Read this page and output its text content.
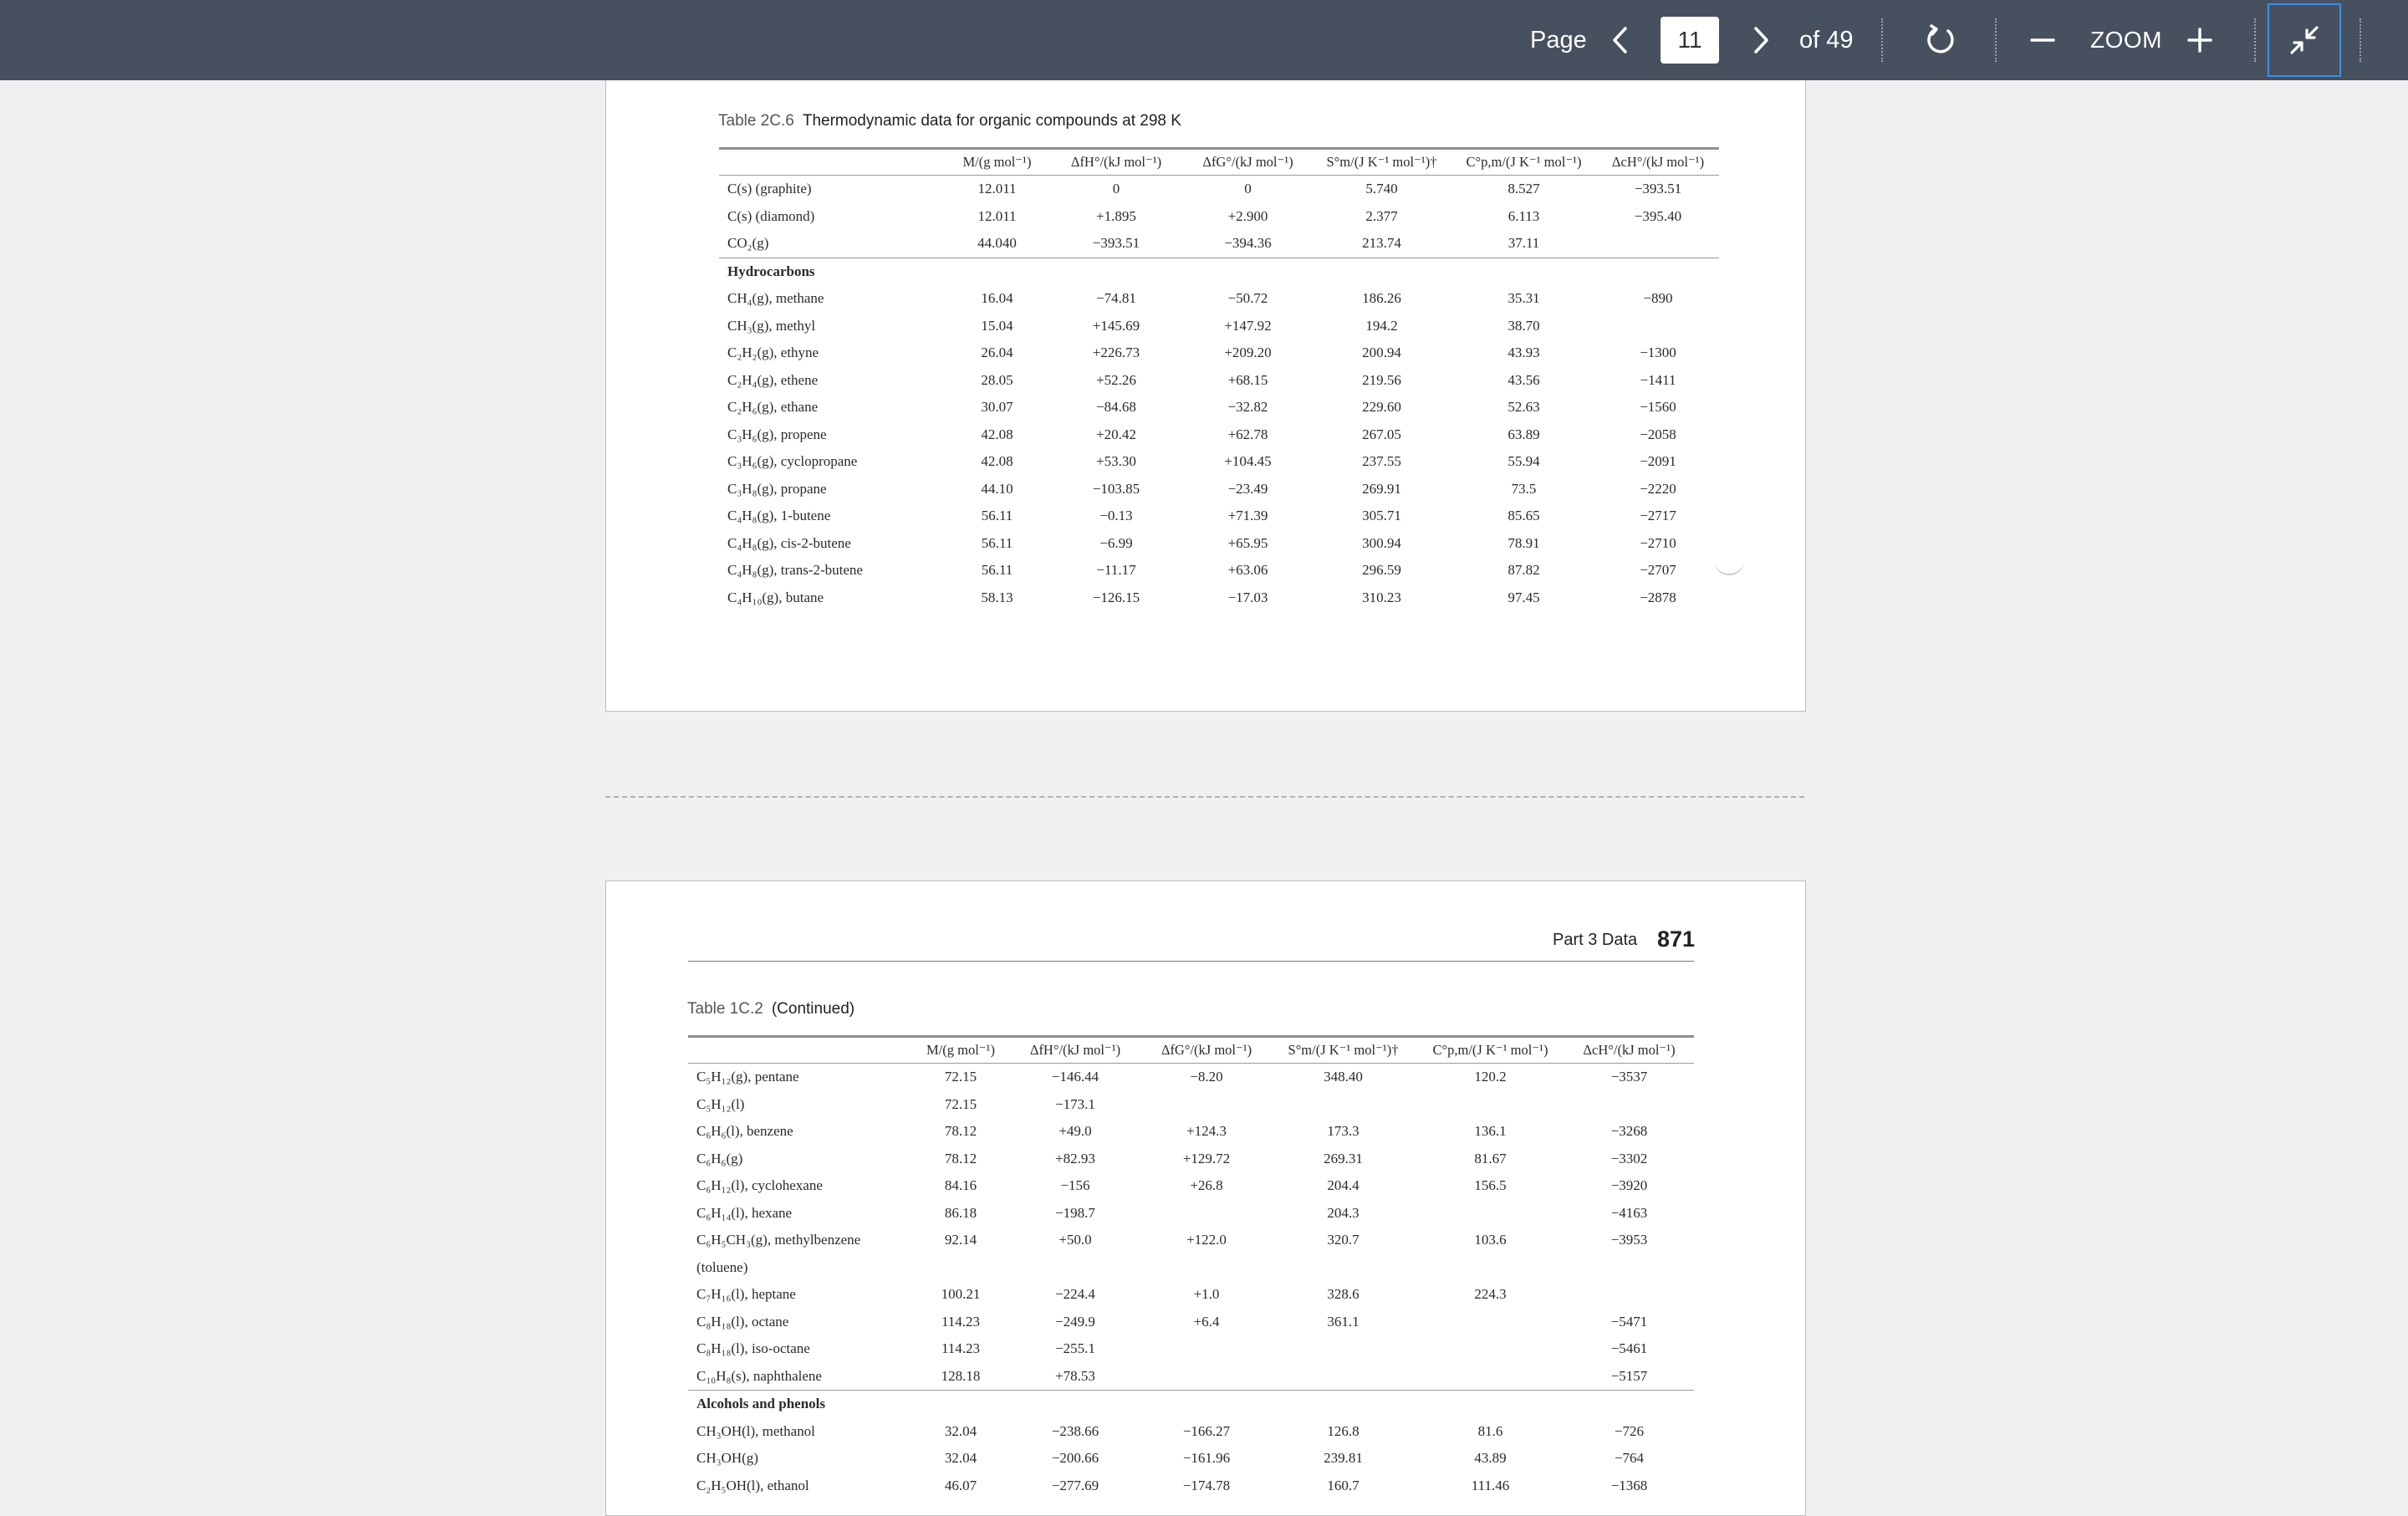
Page
11	of 49	ZOOM
Table 2C.6 Thermodynamic data for organic compounds at 298 K
	M/(g mol⁻¹)	ΔfH°/(kJ mol⁻¹)	ΔfG°/(kJ mol⁻¹)	S°m/(J K⁻¹ mol⁻¹)†	C°p,m/(J K⁻¹ mol⁻¹)	ΔcH°/(kJ mol⁻¹)
C(s) (graphite)	12.011	0	0	5.740	8.527	−393.51
C(s) (diamond)	12.011	+1.895	+2.900	2.377	6.113	−395.40
CO₂(g)	44.040	−393.51	−394.36	213.74	37.11	
Hydrocarbons						
CH₄(g), methane	16.04	−74.81	−50.72	186.26	35.31	−890
CH₃(g), methyl	15.04	+145.69	+147.92	194.2	38.70	
C₂H₂(g), ethyne	26.04	+226.73	+209.20	200.94	43.93	−1300
C₂H₄(g), ethene	28.05	+52.26	+68.15	219.56	43.56	−1411
C₂H₆(g), ethane	30.07	−84.68	−32.82	229.60	52.63	−1560
C₃H₆(g), propene	42.08	+20.42	+62.78	267.05	63.89	−2058
C₃H₆(g), cyclopropane	42.08	+53.30	+104.45	237.55	55.94	−2091
C₃H₈(g), propane	44.10	−103.85	−23.49	269.91	73.5	−2220
C₄H₈(g), 1-butene	56.11	−0.13	+71.39	305.71	85.65	−2717
C₄H₈(g), cis-2-butene	56.11	−6.99	+65.95	300.94	78.91	−2710
C₄H₈(g), trans-2-butene	56.11	−11.17	+63.06	296.59	87.82	−2707
C₄H₁₀(g), butane	58.13	−126.15	−17.03	310.23	97.45	−2878
Part 3 Data 871
Table 1C.2 (Continued)
	M/(g mol⁻¹)	ΔfH°/(kJ mol⁻¹)	ΔfG°/(kJ mol⁻¹)	S°m/(J K⁻¹ mol⁻¹)†	C°p,m/(J K⁻¹ mol⁻¹)	ΔcH°/(kJ mol⁻¹)
C₅H₁₂(g), pentane	72.15	−146.44	−8.20	348.40	120.2	−3537
C₅H₁₂(l)	72.15	−173.1				
C₆H₆(l), benzene	78.12	+49.0	+124.3	173.3	136.1	−3268
C₆H₆(g)	78.12	+82.93	+129.72	269.31	81.67	−3302
C₆H₁₂(l), cyclohexane	84.16	−156	+26.8	204.4	156.5	−3920
C₆H₁₄(l), hexane	86.18	−198.7		204.3		−4163
C₆H₅CH₃(g), methylbenzene	92.14	+50.0	+122.0	320.7	103.6	−3953
(toluene)						
C₇H₁₆(l), heptane	100.21	−224.4	+1.0	328.6	224.3	
C₈H₁₈(l), octane	114.23	−249.9	+6.4	361.1		−5471
C₈H₁₈(l), iso-octane	114.23	−255.1				−5461
C₁₀H₈(s), naphthalene	128.18	+78.53				−5157
Alcohols and phenols						
CH₃OH(l), methanol	32.04	−238.66	−166.27	126.8	81.6	−726
CH₃OH(g)	32.04	−200.66	−161.96	239.81	43.89	−764
C₂H₅OH(l), ethanol	46.07	−277.69	−174.78	160.7	111.46	−1368
